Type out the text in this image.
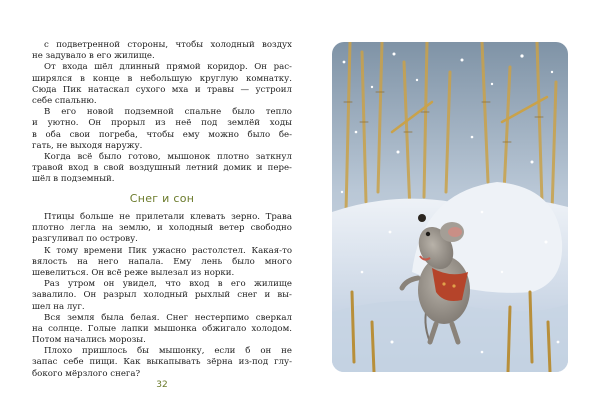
с подветренной стороны, чтобы холодный воздух
не задувало в его жилище.
От входа шёл длинный прямой коридор. Он рас-
ширялся в конце в небольшую круглую комнатку.
Сюда Пик натаскал сухого мха и травы — устроил
себе спальню.
В его новой подземной спальне было тепло
и уютно. Он прорыл из неё под землёй ходы
в оба свои погреба, чтобы ему можно было бе-
гать, не выходя наружу.
Когда всё было готово, мышонок плотно заткнул
травой вход в свой воздушный летний домик и пере-
шёл в подземный.
Снег и сон
Птицы больше не прилетали клевать зерно. Трава
плотно легла на землю, и холодный ветер свободно
разгуливал по острову.
К тому времени Пик ужасно растолстел. Какая-то
вялость на него напала. Ему лень было много
шевелиться. Он всё реже вылезал из норки.
Раз утром он увидел, что вход в его жилище
завалило. Он разрыл холодный рыхлый снег и вы-
шел на луг.
Вся земля была белая. Снег нестерпимо сверкал
на солнце. Голые лапки мышонка обжигало холодом.
Потом начались морозы.
Плохо пришлось бы мышонку, если б он не
запас себе пищи. Как выкапывать зёрна из-под глу-
бокого мёрзлого снега?
32
